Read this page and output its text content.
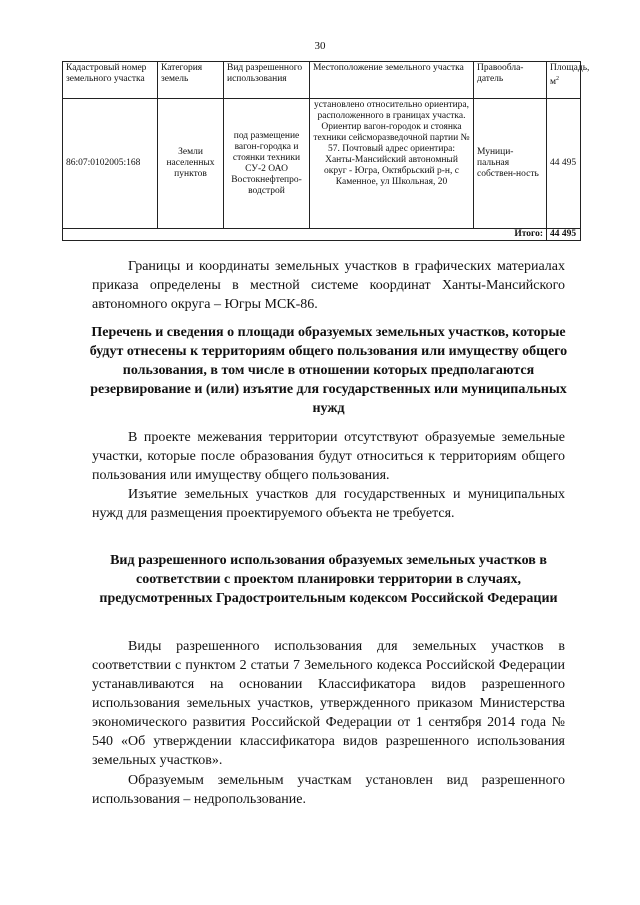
30
Кадастровый номер земельного участка	Категория земель	Вид разрешенного использования	Местоположение земельного участка	Правообла-датель	Площадь, $м^2$
86:07:0102005:168	Земли населенных пунктов	под размещение вагон-городка и стоянки техники СУ-2 ОАО Востокнефтепро-водстрой	установлено относительно ориентира, расположенного в границах участка. Ориентир вагон-городок и стоянка техники сейсморазведочной партии № 57. Почтовый адрес ориентира: Ханты-Мансийский автономный округ - Югра, Октябрьский р-н, с Каменное, ул Школьная, 20	Муници-пальная собствен-ность	44 495
Итого:					44 495
Границы и координаты земельных участков в графических материалах приказа определены в местной системе координат Ханты-Мансийского автономного округа – Югры МСК-86.
Перечень и сведения о площади образуемых земельных участков, которые будут отнесены к территориям общего пользования или имуществу общего пользования, в том числе в отношении которых предполагаются резервирование и (или) изъятие для государственных или муниципальных нужд
В проекте межевания территории отсутствуют образуемые земельные участки, которые после образования будут относиться к территориям общего пользования или имуществу общего пользования.
Изъятие земельных участков для государственных и муниципальных нужд для размещения проектируемого объекта не требуется.
Вид разрешенного использования образуемых земельных участков в соответствии с проектом планировки территории в случаях, предусмотренных Градостроительным кодексом Российской Федерации
Виды разрешенного использования для земельных участков в соответствии с пунктом 2 статьи 7 Земельного кодекса Российской Федерации устанавливаются на основании Классификатора видов разрешенного использования земельных участков, утвержденного приказом Министерства экономического развития Российской Федерации от 1 сентября 2014 года № 540 «Об утверждении классификатора видов разрешенного использования земельных участков».
Образуемым земельным участкам установлен вид разрешенного использования – недропользование.
